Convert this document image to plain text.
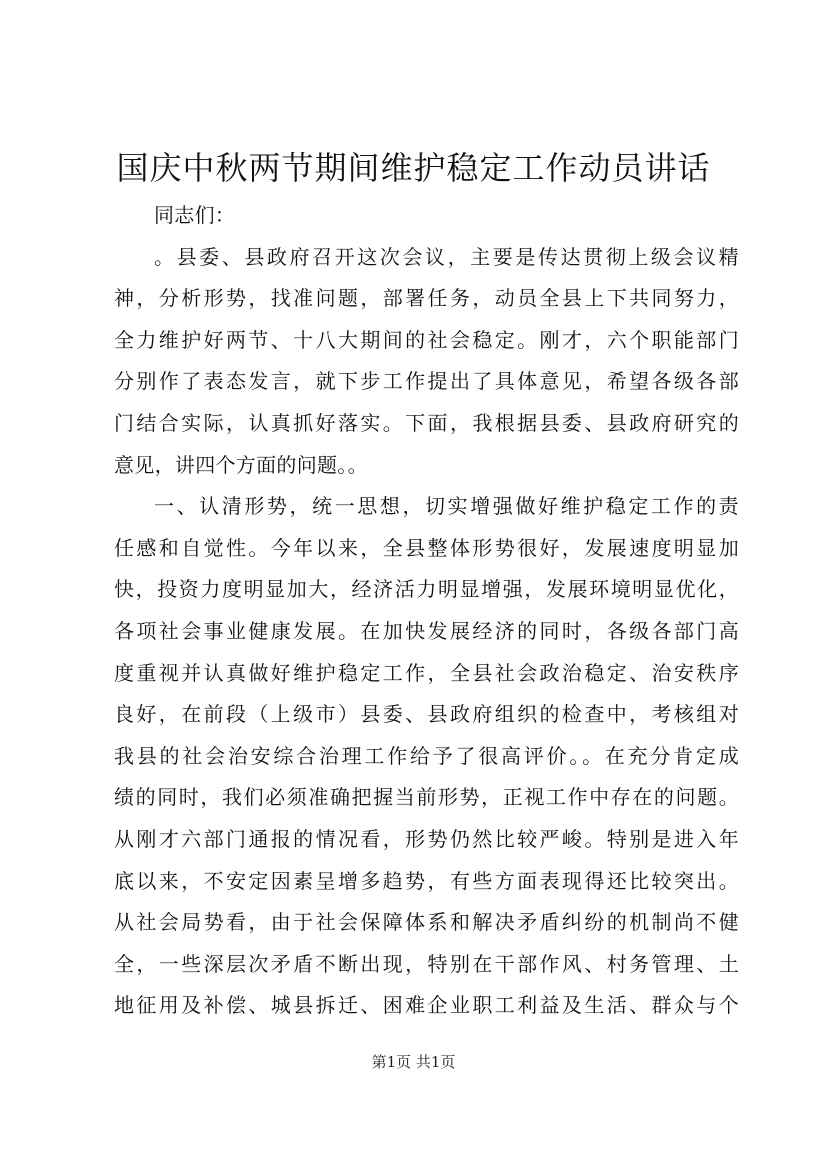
国庆中秋两节期间维护稳定工作动员讲话
同志们：
。县委、县政府召开这次会议，主要是传达贯彻上级会议精
神，分析形势，找准问题，部署任务，动员全县上下共同努力，
全力维护好两节、十八大期间的社会稳定。刚才，六个职能部门
分别作了表态发言，就下步工作提出了具体意见，希望各级各部
门结合实际，认真抓好落实。下面，我根据县委、县政府研究的
意见，讲四个方面的问题。。
一、认清形势，统一思想，切实增强做好维护稳定工作的责
任感和自觉性。今年以来，全县整体形势很好，发展速度明显加
快，投资力度明显加大，经济活力明显增强，发展环境明显优化，
各项社会事业健康发展。在加快发展经济的同时，各级各部门高
度重视并认真做好维护稳定工作，全县社会政治稳定、治安秩序
良好，在前段（上级市）县委、县政府组织的检查中，考核组对
我县的社会治安综合治理工作给予了很高评价。。在充分肯定成
绩的同时，我们必须准确把握当前形势，正视工作中存在的问题。
从刚才六部门通报的情况看，形势仍然比较严峻。特别是进入年
底以来，不安定因素呈增多趋势，有些方面表现得还比较突出。
从社会局势看，由于社会保障体系和解决矛盾纠纷的机制尚不健
全，一些深层次矛盾不断出现，特别在干部作风、村务管理、土
地征用及补偿、城县拆迁、困难企业职工利益及生活、群众与个
第1页 共1页
